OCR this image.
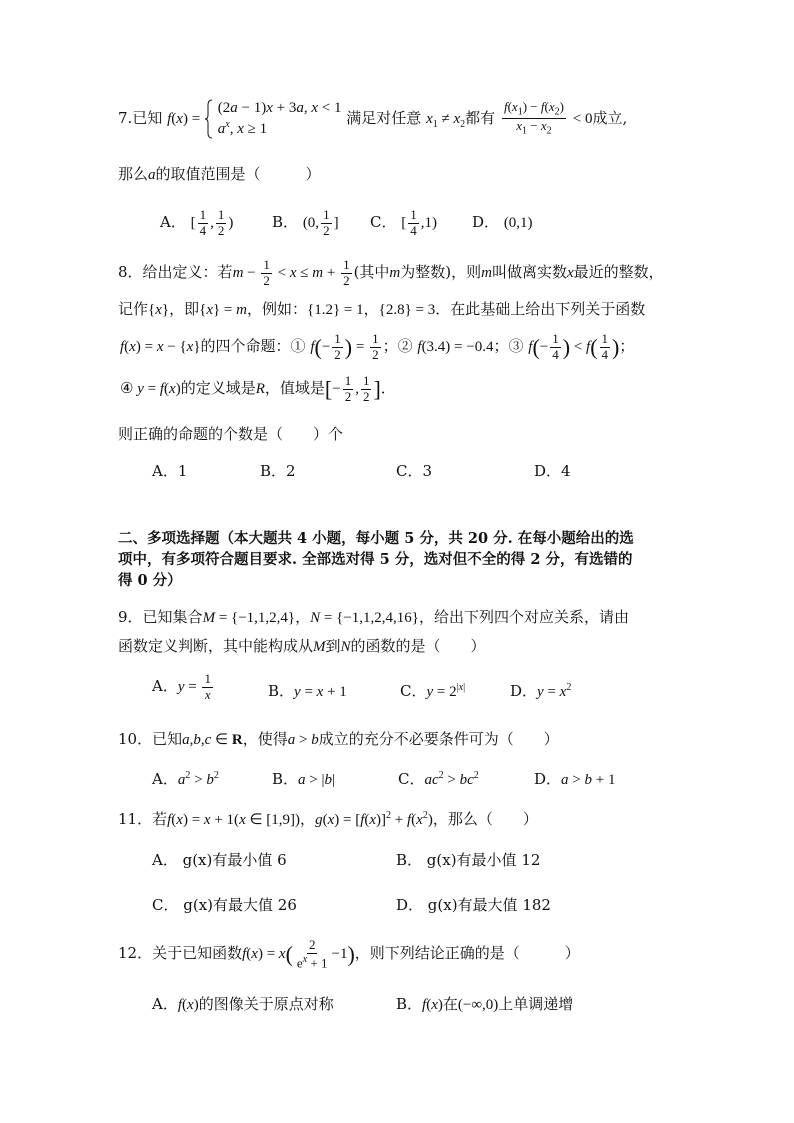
7.已知 f(x) =
(2a − 1)x + 3a, x < 1
$a^x$, x ≥ 1
满足对任意 $x_1 \ne x_2$都有 $\frac{f(x_1) - f(x_2)}{x_1 - x_2} < 0$成立,
那么a的取值范围是（　　　）
A． [ $\frac{1}{4}$ , $\frac{1}{2}$ )	B． (0, $\frac{1}{2}$ ] C． [ $\frac{1}{4} ,1$) D． (0,1)
8．给出定义：若$m - \frac{1}{2} < x \le m + \frac{1}{2}$ (其中m为整数)，则m叫做离实数x最近的整数，
记作{x}，即{x} = m，例如：{1.2} = 1，{2.8} = 3．在此基础上给出下列关于函数
f(x) = x − {x}的四个命题：① $f(- \frac{1}{2}$ ) = $\frac{1}{2}$ ；② f(3.4) = −0.4；③ $f(- \frac{1}{4}$ ) < $f( \frac{1}{4}$ )；
④ y = f(x)的定义域是R，值域是[− $\frac{1}{2}$ , $\frac{1}{2}$ ]．
则正确的命题的个数是（　　）个
A．1	B．2	C．3	D．4
二、多项选择题（本大题共 4 小题，每小题 5 分，共 20 分. 在每小题给出的选
项中，有多项符合题目要求. 全部选对得 5 分，选对但不全的得 2 分，有选错的
得 0 分）
9．已知集合M = {−1,1,2,4}，N = {−1,1,2,4,16}，给出下列四个对应关系，请由
函数定义判断，其中能构成从M到N的函数的是（　　）
A．$y = \frac{1}{x}$	B．y = x + 1	C．$y = 2^{|x|}$	D．$y = x^2$
10．已知a,b,c ∈ R，使得a > b成立的充分不必要条件可为（　　）
A．$a^2 > b^2$	B．a > |b|	C．$ac^2 > bc^2$	D．a > b + 1
11．若f(x) = x + 1(x ∈ [1,9])，$g(x) = [f(x)]^2 + f(x^2)$，那么（　　）
A． g(x)有最小值 6	B． g(x)有最小值 12
C． g(x)有最大值 26	D． g(x)有最大值 182
12．关于已知函数$f(x) = x( \frac{2}{e^x + 1} -1)$，则下列结论正确的是（　　　）
A．f(x)的图像关于原点对称	B．f(x)在(−∞,0)上单调递增
